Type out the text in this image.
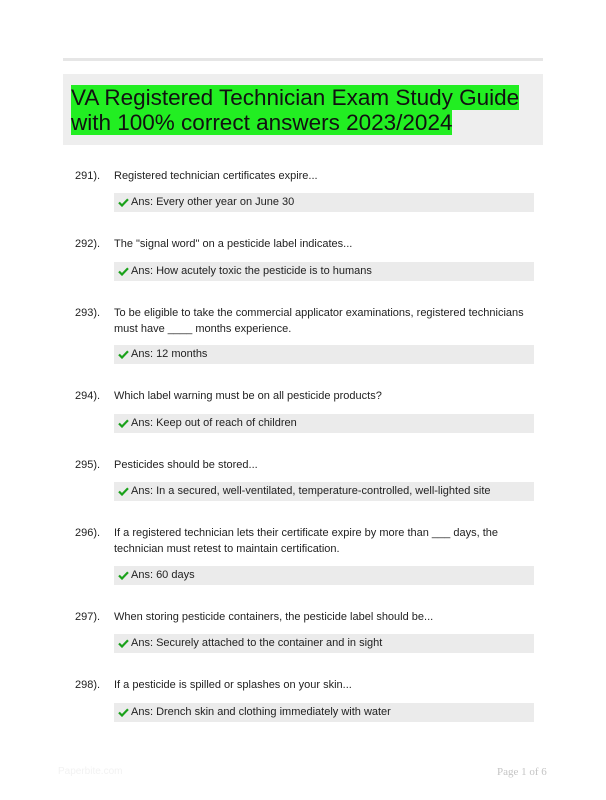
VA Registered Technician Exam Study Guide with 100% correct answers 2023/2024
291). Registered technician certificates expire...
Ans: Every other year on June 30
292). The "signal word" on a pesticide label indicates...
Ans: How acutely toxic the pesticide is to humans
293). To be eligible to take the commercial applicator examinations, registered technicians must have ____ months experience.
Ans: 12 months
294). Which label warning must be on all pesticide products?
Ans: Keep out of reach of children
295). Pesticides should be stored...
Ans: In a secured, well-ventilated, temperature-controlled, well-lighted site
296). If a registered technician lets their certificate expire by more than ___ days, the technician must retest to maintain certification.
Ans: 60 days
297). When storing pesticide containers, the pesticide label should be...
Ans: Securely attached to the container and in sight
298). If a pesticide is spilled or splashes on your skin...
Ans: Drench skin and clothing immediately with water
Paperbite.com	Page 1 of 6
